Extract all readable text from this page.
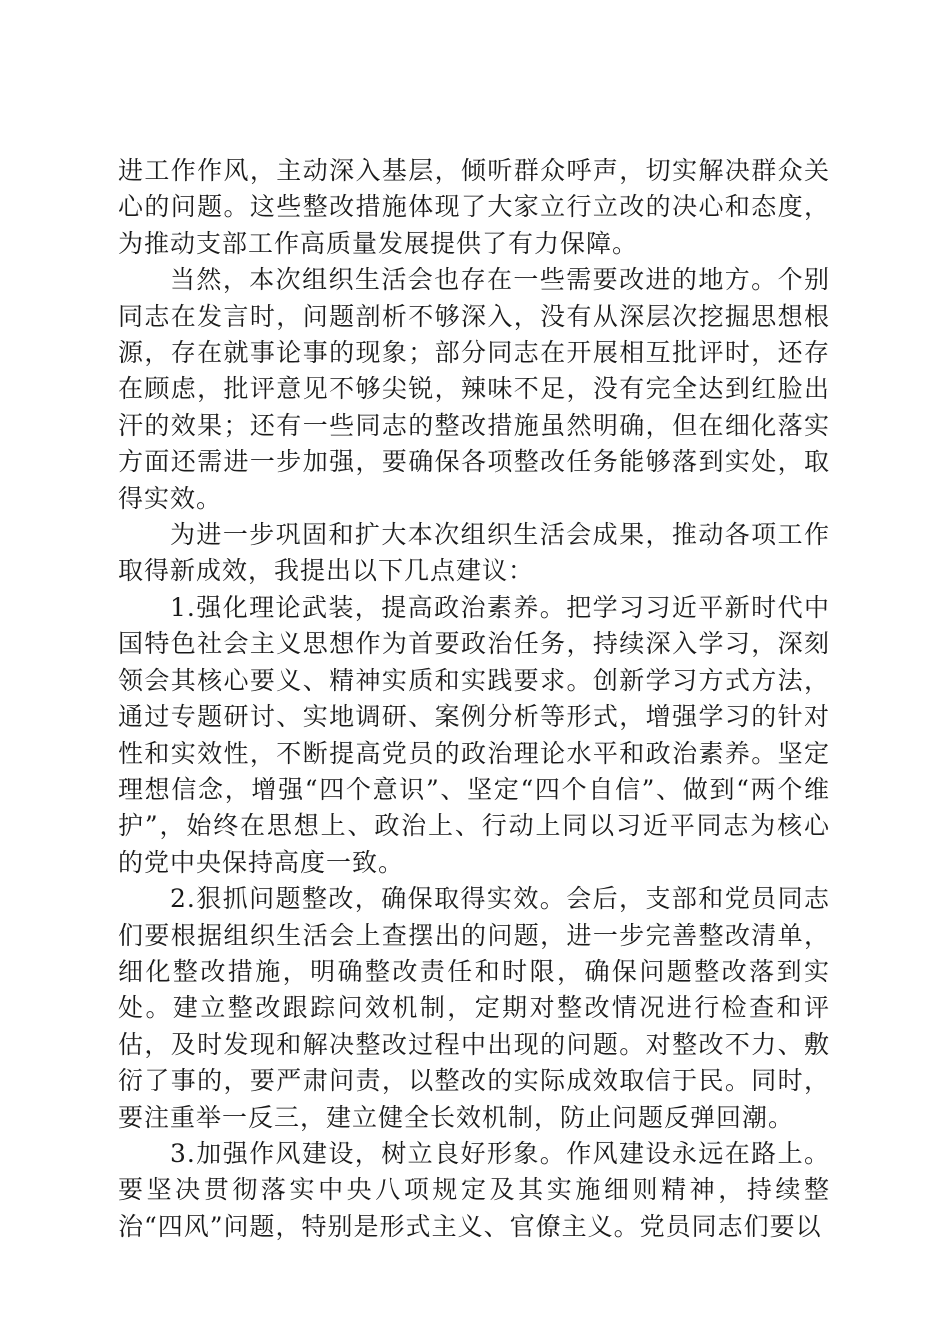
进工作作风，主动深入基层，倾听群众呼声，切实解决群众关心的问题。这些整改措施体现了大家立行立改的决心和态度，为推动支部工作高质量发展提供了有力保障。

当然，本次组织生活会也存在一些需要改进的地方。个别同志在发言时，问题剖析不够深入，没有从深层次挖掘思想根源，存在就事论事的现象；部分同志在开展相互批评时，还存在顾虑，批评意见不够尖锐，辣味不足，没有完全达到红脸出汗的效果；还有一些同志的整改措施虽然明确，但在细化落实方面还需进一步加强，要确保各项整改任务能够落到实处，取得实效。

为进一步巩固和扩大本次组织生活会成果，推动各项工作取得新成效，我提出以下几点建议：

1.强化理论武装，提高政治素养。把学习习近平新时代中国特色社会主义思想作为首要政治任务，持续深入学习，深刻领会其核心要义、精神实质和实践要求。创新学习方式方法，通过专题研讨、实地调研、案例分析等形式，增强学习的针对性和实效性，不断提高党员的政治理论水平和政治素养。坚定理想信念，增强“四个意识”、坚定“四个自信”、做到“两个维护”，始终在思想上、政治上、行动上同以习近平同志为核心的党中央保持高度一致。

2.狠抓问题整改，确保取得实效。会后，支部和党员同志们要根据组织生活会上查摆出的问题，进一步完善整改清单，细化整改措施，明确整改责任和时限，确保问题整改落到实处。建立整改跟踪问效机制，定期对整改情况进行检查和评估，及时发现和解决整改过程中出现的问题。对整改不力、敷衍了事的，要严肃问责，以整改的实际成效取信于民。同时，要注重举一反三，建立健全长效机制，防止问题反弹回潮。

3.加强作风建设，树立良好形象。作风建设永远在路上。要坚决贯彻落实中央八项规定及其实施细则精神，持续整治“四风”问题，特别是形式主义、官僚主义。党员同志们要以
